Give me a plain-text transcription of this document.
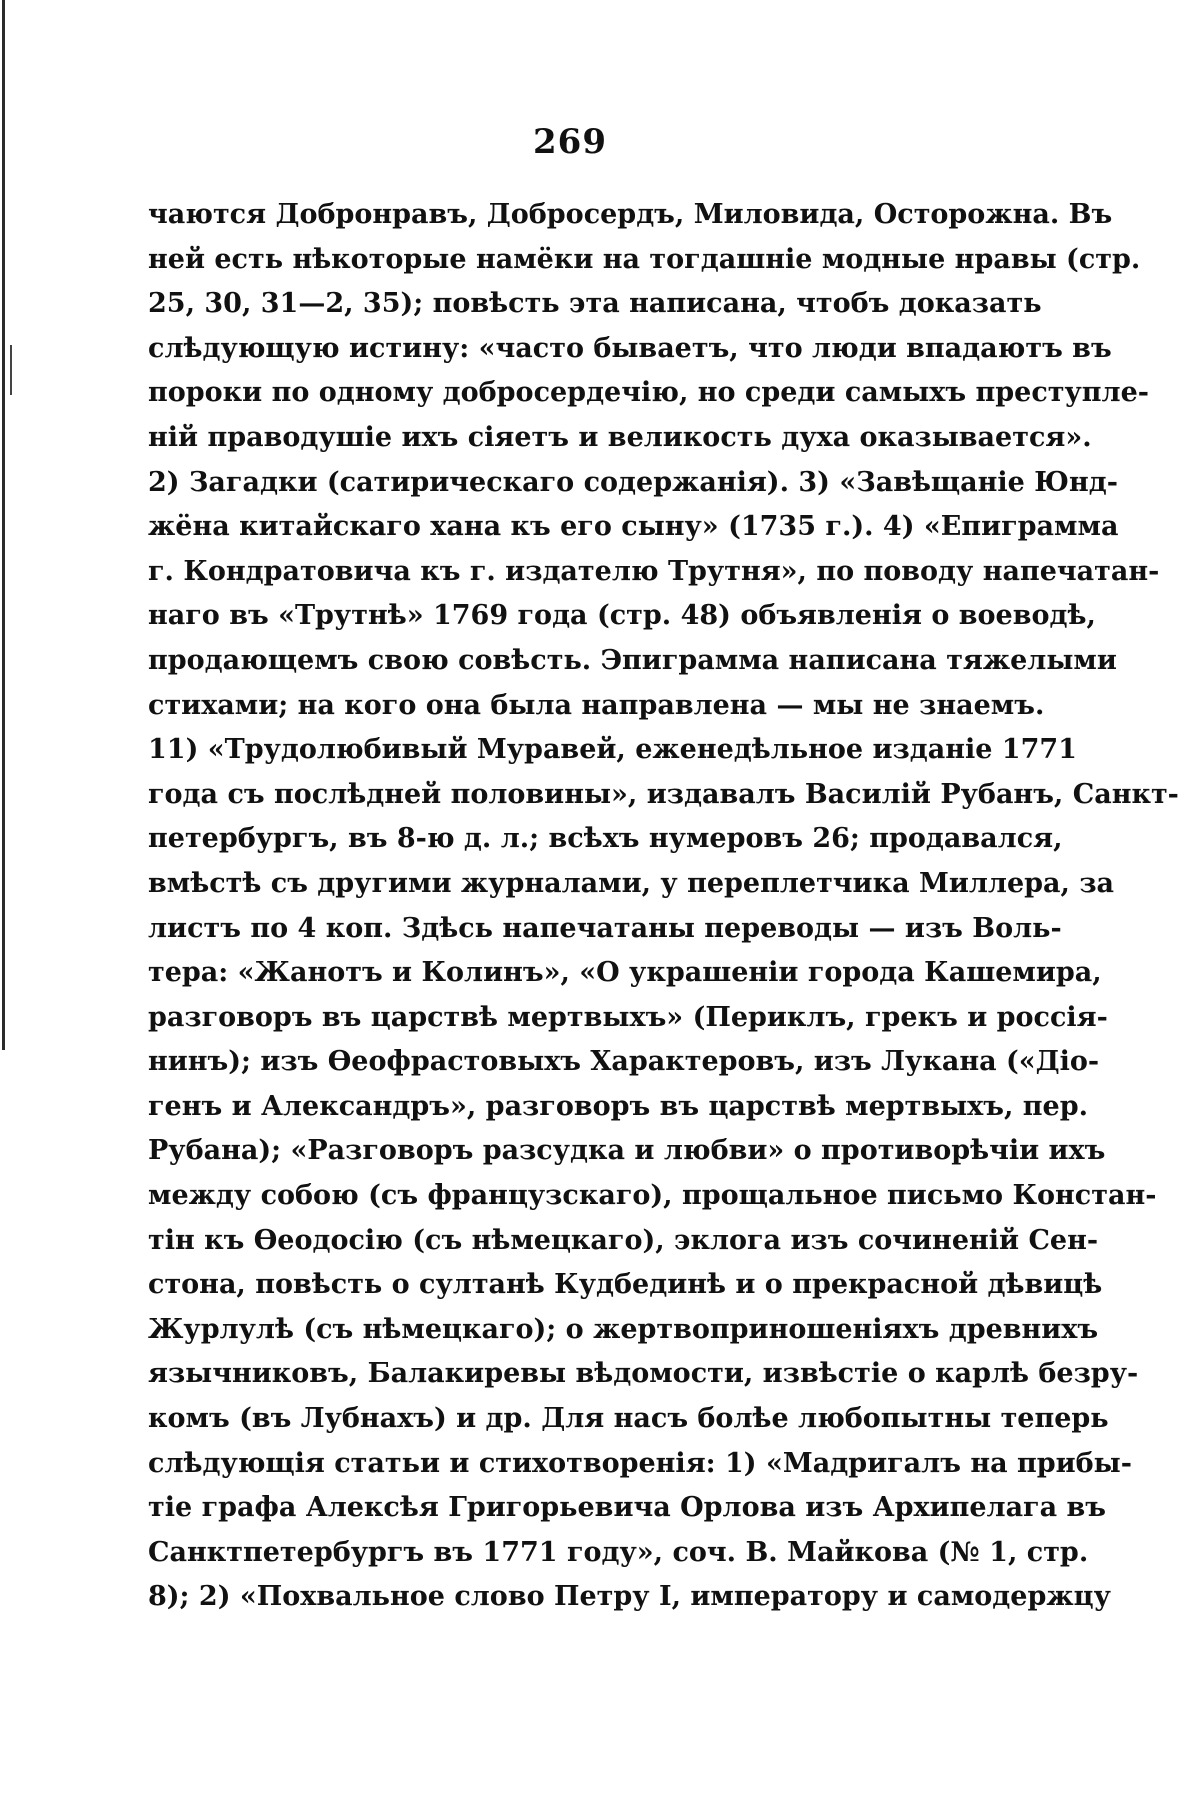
269
чаются Добронравъ, Добросердъ, Миловида, Осторожна. Въ
ней есть нѣкоторые намёки на тогдашніе модные нравы (стр.
25, 30, 31—2, 35); повѣсть эта написана, чтобъ доказать
слѣдующую истину: «часто бываетъ, что люди впадаютъ въ
пороки по одному добросердечію, но среди самыхъ преступле-
ній праводушіе ихъ сіяетъ и великость духа оказывается».
2) Загадки (сатирическаго содержанія). 3) «Завѣщаніе Юнд-
жёна китайскаго хана къ его сыну» (1735 г.). 4) «Епиграмма
г. Кондратовича къ г. издателю Трутня», по поводу напечатан-
наго въ «Трутнѣ» 1769 года (стр. 48) объявленія о воеводѣ,
продающемъ свою совѣсть. Эпиграмма написана тяжелыми
стихами; на кого она была направлена — мы не знаемъ.
11) «Трудолюбивый Муравей, еженедѣльное изданіе 1771
года съ послѣдней половины», издавалъ Василій Рубанъ, Санкт-
петербургъ, въ 8-ю д. л.; всѣхъ нумеровъ 26; продавался,
вмѣстѣ съ другими журналами, у переплетчика Миллера, за
листъ по 4 коп. Здѣсь напечатаны переводы — изъ Воль-
тера: «Жанотъ и Колинъ», «О украшеніи города Кашемира,
разговоръ въ царствѣ мертвыхъ» (Периклъ, грекъ и россія-
нинъ); изъ Ѳеофрастовыхъ Характеровъ, изъ Лукана («Діо-
генъ и Александръ», разговоръ въ царствѣ мертвыхъ, пер.
Рубана); «Разговоръ разсудка и любви» о противорѣчіи ихъ
между собою (съ французскаго), прощальное письмо Констан-
тін къ Ѳеодосію (съ нѣмецкаго), эклога изъ сочиненій Сен-
стона, повѣсть о султанѣ Кудбединѣ и о прекрасной дѣвицѣ
Журлулѣ (съ нѣмецкаго); о жертвоприношеніяхъ древнихъ
язычниковъ, Балакиревы вѣдомости, извѣстіе о карлѣ безру-
комъ (въ Лубнахъ) и др. Для насъ болѣе любопытны теперь
слѣдующія статьи и стихотворенія: 1) «Мадригалъ на прибы-
тіе графа Алексѣя Григорьевича Орлова изъ Архипелага въ
Санктпетербургъ въ 1771 году», соч. В. Майкова (№ 1, стр.
8); 2) «Похвальное слово Петру I, императору и самодержцу
